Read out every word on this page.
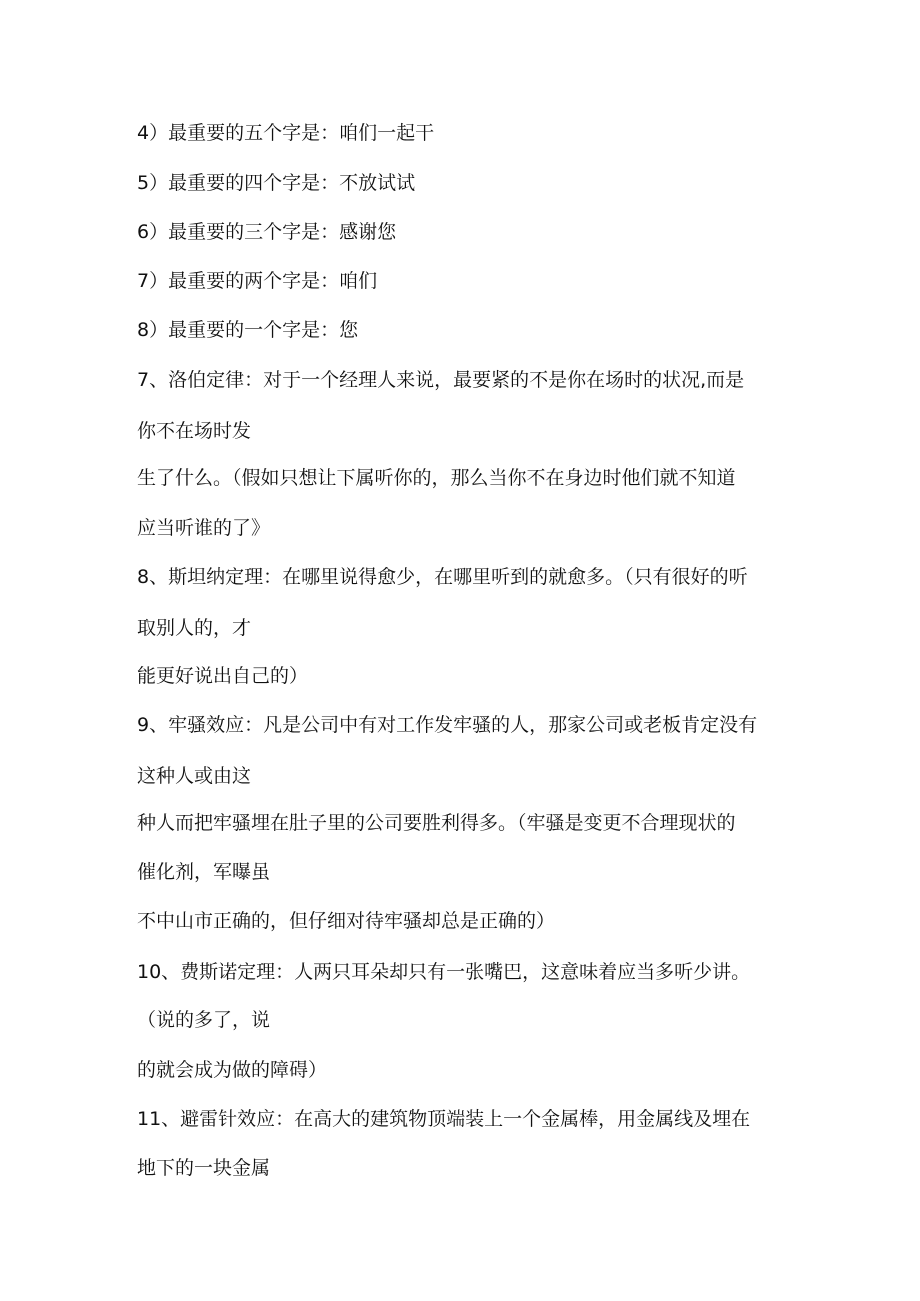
4）最重要的五个字是：咱们一起干

5）最重要的四个字是：不放试试

6）最重要的三个字是：感谢您

7）最重要的两个字是：咱们

8）最重要的一个字是：您

7、洛伯定律：对于一个经理人来说，最要紧的不是你在场时的状况,而是

你不在场时发

生了什么。（假如只想让下属听你的，那么当你不在身边时他们就不知道

应当听谁的了》

8、斯坦纳定理：在哪里说得愈少，在哪里听到的就愈多。（只有很好的听

取别人的，才

能更好说出自己的）

9、牢骚效应：凡是公司中有对工作发牢骚的人，那家公司或老板肯定没有

这种人或由这

种人而把牢骚埋在肚子里的公司要胜利得多。（牢骚是变更不合理现状的

催化剂，军曝虽

不中山市正确的，但仔细对待牢骚却总是正确的）

10、费斯诺定理：人两只耳朵却只有一张嘴巴，这意味着应当多听少讲。

（说的多了，说

的就会成为做的障碍）

11、避雷针效应：在高大的建筑物顶端装上一个金属棒，用金属线及埋在

地下的一块金属
